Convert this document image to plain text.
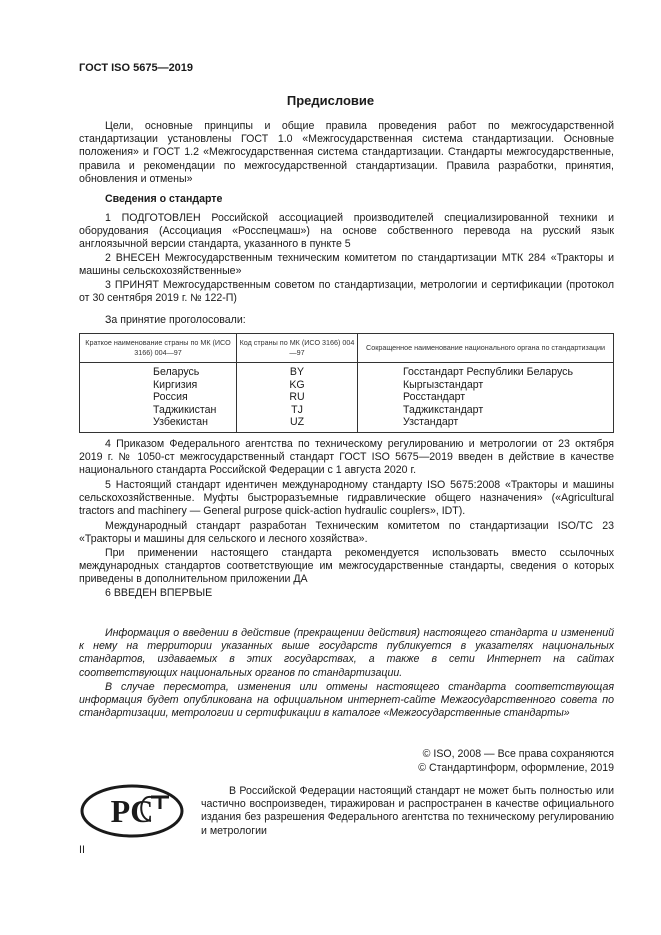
ГОСТ ISO 5675—2019
Предисловие

Цели, основные принципы и общие правила проведения работ по межгосударственной стандартизации установлены ГОСТ 1.0 «Межгосударственная система стандартизации. Основные положения» и ГОСТ 1.2 «Межгосударственная система стандартизации. Стандарты межгосударственные, правила и рекомендации по межгосударственной стандартизации. Правила разработки, принятия, обновления и отмены»

Сведения о стандарте

1 ПОДГОТОВЛЕН Российской ассоциацией производителей специализированной техники и оборудования (Ассоциация «Росспецмаш») на основе собственного перевода на русский язык англоязычной версии стандарта, указанного в пункте 5

2 ВНЕСЕН Межгосударственным техническим комитетом по стандартизации МТК 284 «Тракторы и машины сельскохозяйственные»

3 ПРИНЯТ Межгосударственным советом по стандартизации, метрологии и сертификации (протокол от 30 сентября 2019 г. № 122-П)

За принятие проголосовали:

Краткое наименование страны по МК (ИСО 3166) 004—97	Код страны по МК (ИСО 3166) 004—97	Сокращенное наименование национального органа по стандартизации
Беларусь	BY	Госстандарт Республики Беларусь
Киргизия	KG	Кыргызстандарт
Россия	RU	Росстандарт
Таджикистан	TJ	Таджикстандарт
Узбекистан	UZ	Узстандарт

4 Приказом Федерального агентства по техническому регулированию и метрологии от 23 октября 2019 г. № 1050-ст межгосударственный стандарт ГОСТ ISO 5675—2019 введен в действие в качестве национального стандарта Российской Федерации с 1 августа 2020 г.

5 Настоящий стандарт идентичен международному стандарту ISO 5675:2008 «Тракторы и машины сельскохозяйственные. Муфты быстроразъемные гидравлические общего назначения» («Agricultural tractors and machinery — General purpose quick-action hydraulic couplers», IDT).

Международный стандарт разработан Техническим комитетом по стандартизации ISO/TC 23 «Тракторы и машины для сельского и лесного хозяйства».

При применении настоящего стандарта рекомендуется использовать вместо ссылочных международных стандартов соответствующие им межгосударственные стандарты, сведения о которых приведены в дополнительном приложении ДА

6 ВВЕДЕН ВПЕРВЫЕ

Информация о введении в действие (прекращении действия) настоящего стандарта и изменений к нему на территории указанных выше государств публикуется в указателях национальных стандартов, издаваемых в этих государствах, а также в сети Интернет на сайтах соответствующих национальных органов по стандартизации.

В случае пересмотра, изменения или отмены настоящего стандарта соответствующая информация будет опубликована на официальном интернет-сайте Межгосударственного совета по стандартизации, метрологии и сертификации в каталоге «Межгосударственные стандарты»

© ISO, 2008 — Все права сохраняются
© Стандартинформ, оформление, 2019
PC

В Российской Федерации настоящий стандарт не может быть полностью или частично воспроизведен, тиражирован и распространен в качестве официального издания без разрешения Федерального агентства по техническому регулированию и метрологии

II
